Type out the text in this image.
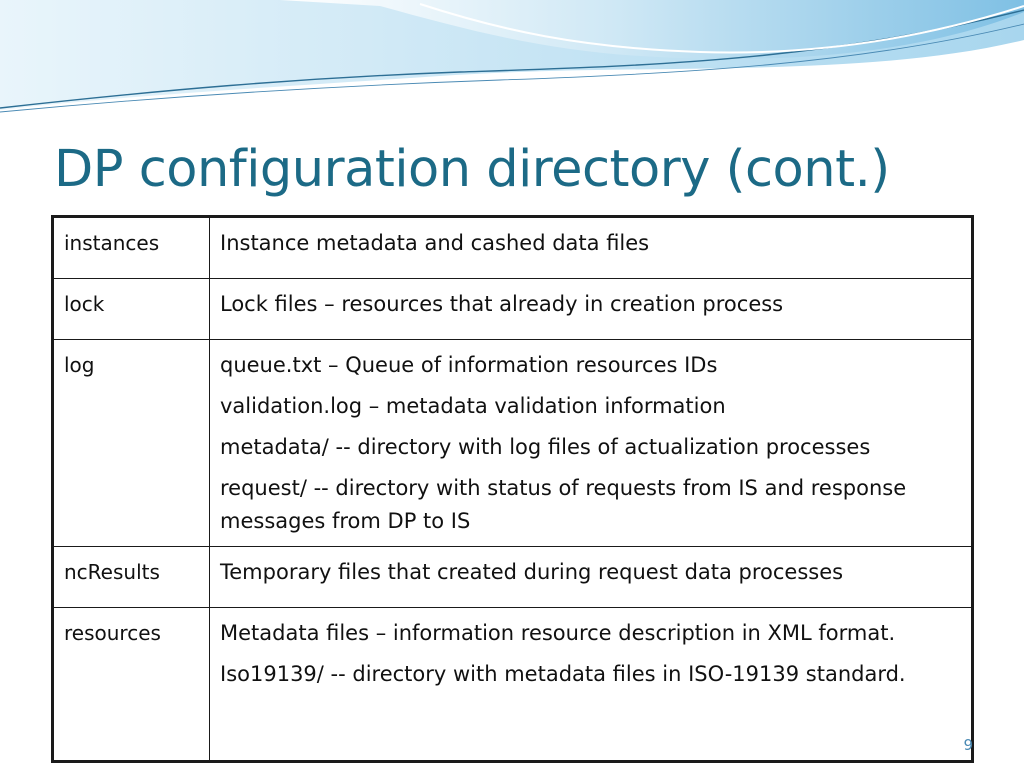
DP configuration directory (cont.)
instances	Instance metadata and cashed data files

lock	Lock files – resources that already in creation process

log	queue.txt – Queue of information resources IDs
validation.log – metadata validation information
metadata/ -- directory with log files of actualization processes
request/ -- directory with status of requests from IS and response messages from DP to IS

ncResults	Temporary files that created during request data processes

resources	Metadata files – information resource description in XML format.
Iso19139/ -- directory with metadata files in ISO-19139 standard.
9
